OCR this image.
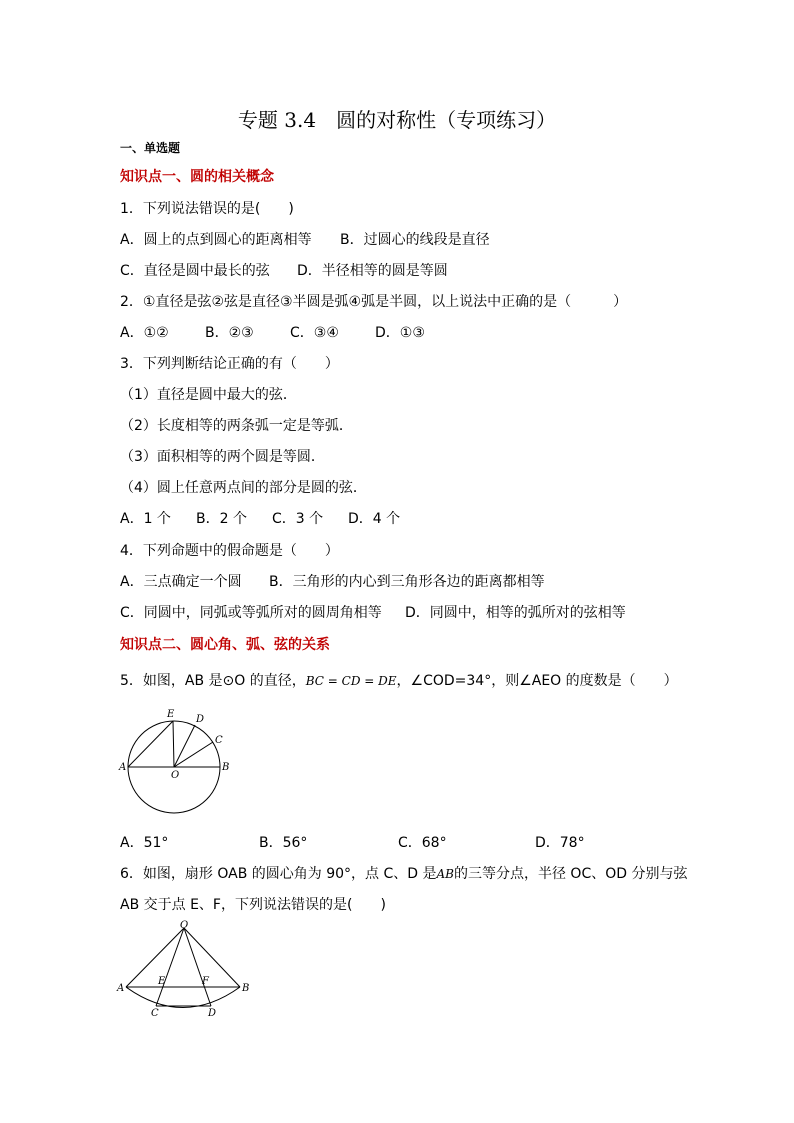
专题 3.4　圆的对称性（专项练习）
一、单选题
知识点一、圆的相关概念
1．下列说法错误的是(　　)
A．圆上的点到圆心的距离相等 B．过圆心的线段是直径
C．直径是圆中最长的弦 D．半径相等的圆是等圆
2．①直径是弦②弦是直径③半圆是弧④弧是半圆，以上说法中正确的是（　　　）
A．①②	B．②③	C．③④	D．①③
3．下列判断结论正确的有（　　）
（1）直径是圆中最大的弦．
（2）长度相等的两条弧一定是等弧．
（3）面积相等的两个圆是等圆．
（4）圆上任意两点间的部分是圆的弦．
A．1 个 B．2 个 C．3 个 D．4 个
4．下列命题中的假命题是（　　）
A．三点确定一个圆 B．三角形的内心到三角形各边的距离都相等
C．同圆中，同弧或等弧所对的圆周角相等 D．同圆中，相等的弧所对的弦相等
知识点二、圆心角、弧、弦的关系
5．如图，AB 是⊙O 的直径，BC = CD = DE，∠COD=34°，则∠AEO 的度数是（　　）
A	B
C
D
E
O
A．51°	B．56°	C．68°	D．78°
6．如图，扇形 OAB 的圆心角为 90°，点 C、D 是AB的三等分点，半径 OC、OD 分别与弦
AB 交于点 E、F，下列说法错误的是(　　)
O
A	B
C	D
E	F
